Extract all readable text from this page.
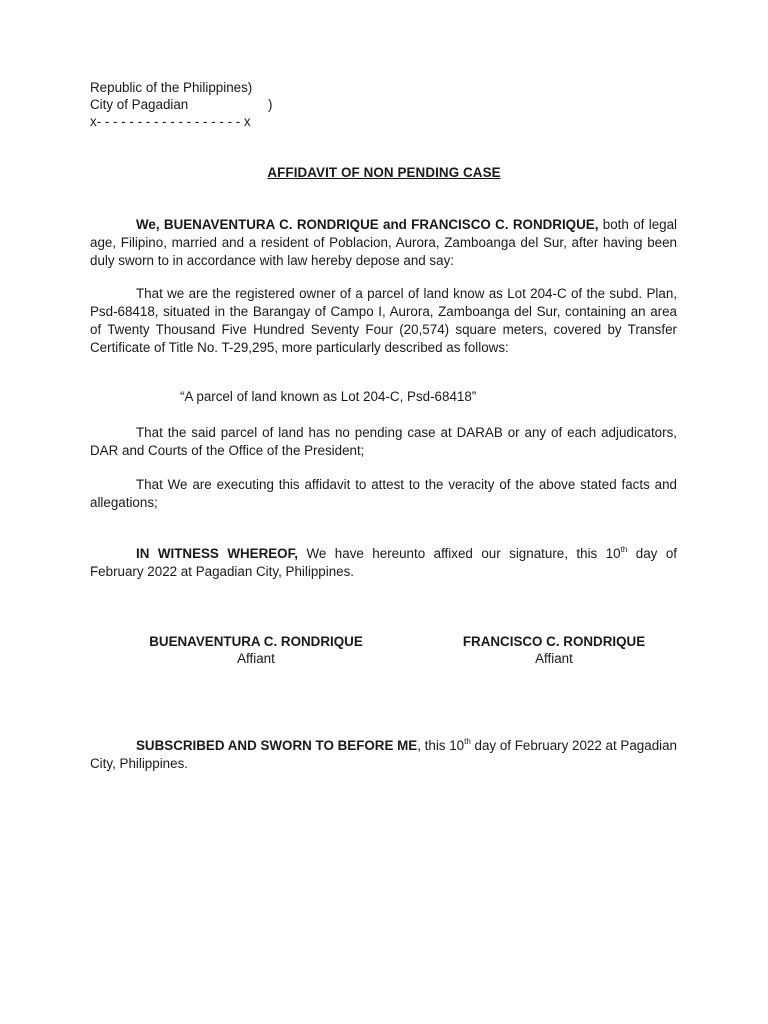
Republic of the Philippines)
City of Pagadian	)
x- - - - - - - - - - - - - - - - - - x
AFFIDAVIT OF NON PENDING CASE
We, BUENAVENTURA C. RONDRIQUE and FRANCISCO C. RONDRIQUE, both of legal age, Filipino, married and a resident of Poblacion, Aurora, Zamboanga del Sur, after having been duly sworn to in accordance with law hereby depose and say:
That we are the registered owner of a parcel of land know as Lot 204-C of the subd. Plan, Psd-68418, situated in the Barangay of Campo I, Aurora, Zamboanga del Sur, containing an area of Twenty Thousand Five Hundred Seventy Four (20,574) square meters, covered by Transfer Certificate of Title No. T-29,295, more particularly described as follows:
“A parcel of land known as Lot 204-C, Psd-68418”
That the said parcel of land has no pending case at DARAB or any of each adjudicators, DAR and Courts of the Office of the President;
That We are executing this affidavit to attest to the veracity of the above stated facts and allegations;
IN WITNESS WHEREOF, We have hereunto affixed our signature, this 10th day of February 2022 at Pagadian City, Philippines.
BUENAVENTURA C. RONDRIQUE
Affiant
FRANCISCO C. RONDRIQUE
Affiant
SUBSCRIBED AND SWORN TO BEFORE ME, this 10th day of February 2022 at Pagadian City, Philippines.
